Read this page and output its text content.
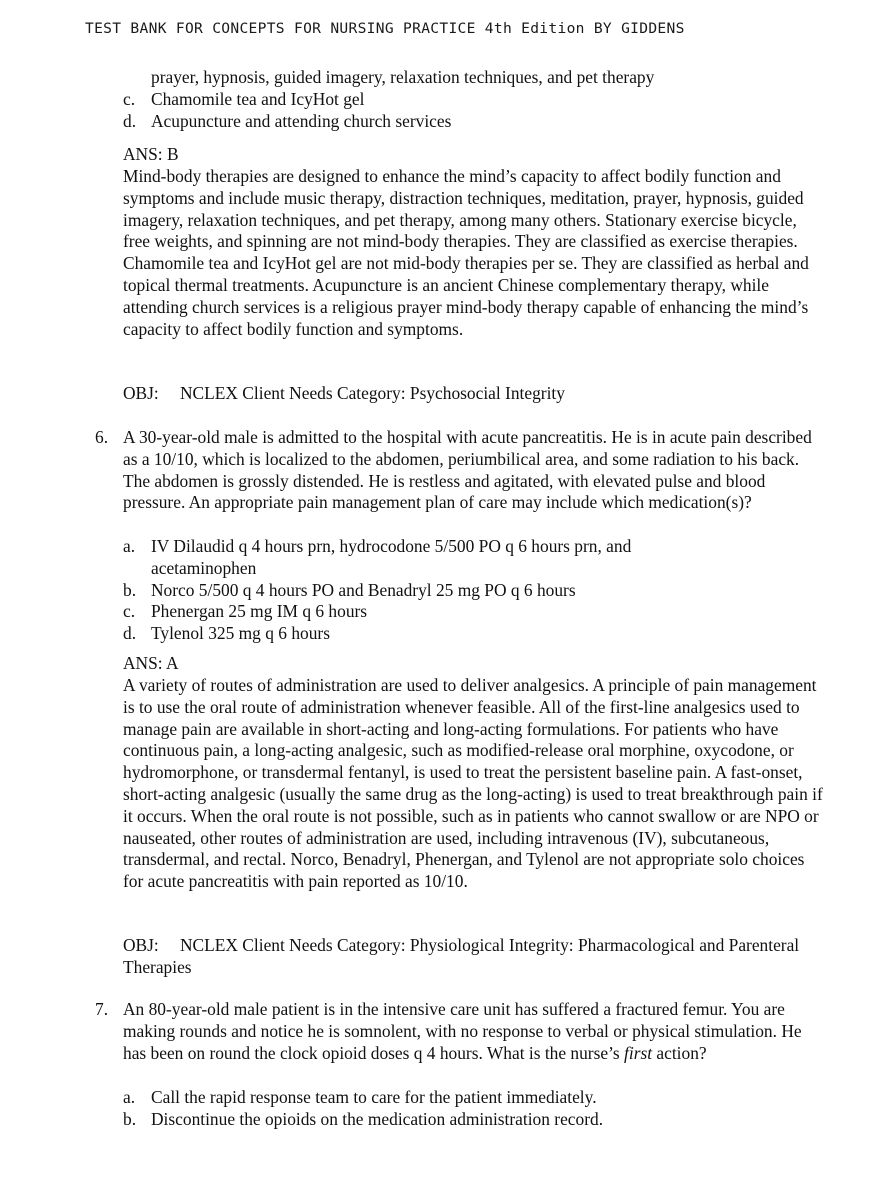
TEST BANK FOR CONCEPTS FOR NURSING PRACTICE 4th Edition BY GIDDENS
prayer, hypnosis, guided imagery, relaxation techniques, and pet therapy
c. Chamomile tea and IcyHot gel
d. Acupuncture and attending church services
ANS: B
Mind-body therapies are designed to enhance the mind’s capacity to affect bodily function and symptoms and include music therapy, distraction techniques, meditation, prayer, hypnosis, guided imagery, relaxation techniques, and pet therapy, among many others. Stationary exercise bicycle, free weights, and spinning are not mind-body therapies. They are classified as exercise therapies. Chamomile tea and IcyHot gel are not mid-body therapies per se. They are classified as herbal and topical thermal treatments. Acupuncture is an ancient Chinese complementary therapy, while attending church services is a religious prayer mind-body therapy capable of enhancing the mind’s capacity to affect bodily function and symptoms.
OBJ: NCLEX Client Needs Category: Psychosocial Integrity
6. A 30-year-old male is admitted to the hospital with acute pancreatitis. He is in acute pain described as a 10/10, which is localized to the abdomen, periumbilical area, and some radiation to his back. The abdomen is grossly distended. He is restless and agitated, with elevated pulse and blood pressure. An appropriate pain management plan of care may include which medication(s)?
a. IV Dilaudid q 4 hours prn, hydrocodone 5/500 PO q 6 hours prn, and acetaminophen
b. Norco 5/500 q 4 hours PO and Benadryl 25 mg PO q 6 hours
c. Phenergan 25 mg IM q 6 hours
d. Tylenol 325 mg q 6 hours
ANS: A
A variety of routes of administration are used to deliver analgesics. A principle of pain management is to use the oral route of administration whenever feasible. All of the first-line analgesics used to manage pain are available in short-acting and long-acting formulations. For patients who have continuous pain, a long-acting analgesic, such as modified-release oral morphine, oxycodone, or hydromorphone, or transdermal fentanyl, is used to treat the persistent baseline pain. A fast-onset, short-acting analgesic (usually the same drug as the long-acting) is used to treat breakthrough pain if it occurs. When the oral route is not possible, such as in patients who cannot swallow or are NPO or nauseated, other routes of administration are used, including intravenous (IV), subcutaneous, transdermal, and rectal. Norco, Benadryl, Phenergan, and Tylenol are not appropriate solo choices for acute pancreatitis with pain reported as 10/10.
OBJ: NCLEX Client Needs Category: Physiological Integrity: Pharmacological and Parenteral Therapies
7. An 80-year-old male patient is in the intensive care unit has suffered a fractured femur. You are making rounds and notice he is somnolent, with no response to verbal or physical stimulation. He has been on round the clock opioid doses q 4 hours. What is the nurse’s first action?
a. Call the rapid response team to care for the patient immediately.
b. Discontinue the opioids on the medication administration record.
